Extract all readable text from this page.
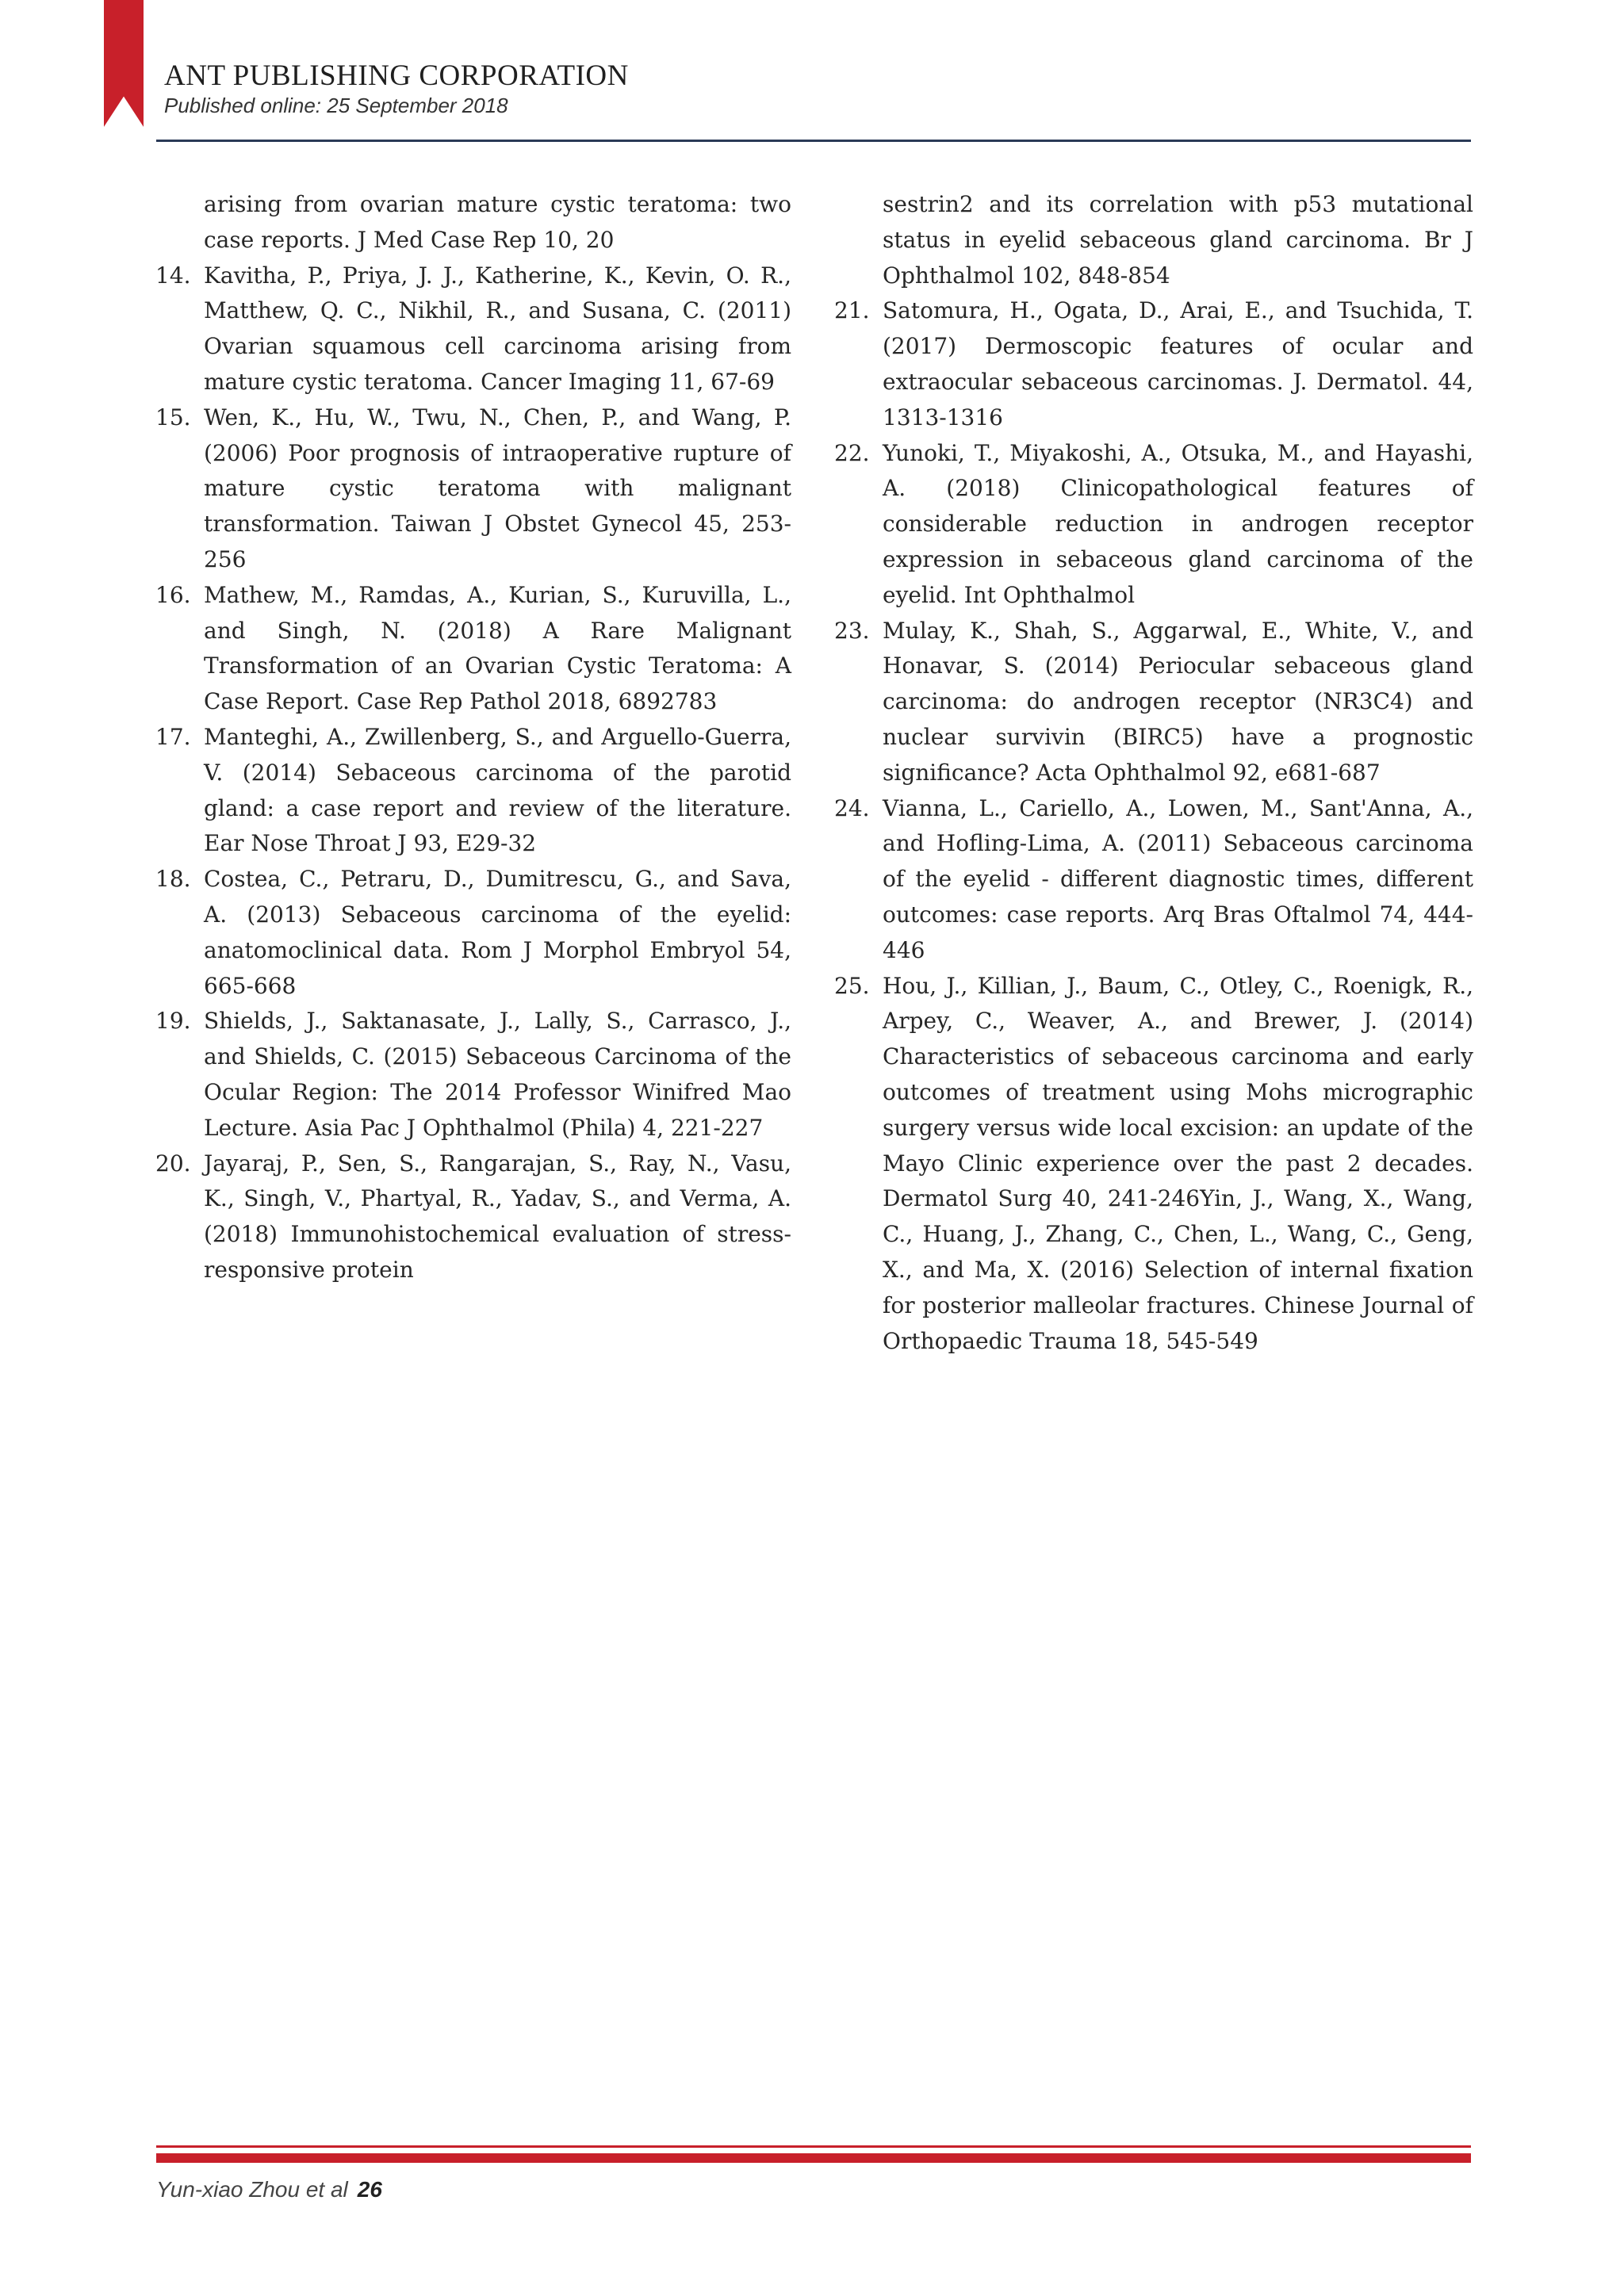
ANT PUBLISHING CORPORATION
Published online: 25 September 2018

arising from ovarian mature cystic teratoma: two case reports. J Med Case Rep 10, 20

14. Kavitha, P., Priya, J. J., Katherine, K., Kevin, O. R., Matthew, Q. C., Nikhil, R., and Susana, C. (2011) Ovarian squamous cell carcinoma arising from mature cystic teratoma. Cancer Imaging 11, 67-69

15. Wen, K., Hu, W., Twu, N., Chen, P., and Wang, P. (2006) Poor prognosis of intraoperative rupture of mature cystic teratoma with malignant transformation. Taiwan J Obstet Gynecol 45, 253-256

16. Mathew, M., Ramdas, A., Kurian, S., Kuruvilla, L., and Singh, N. (2018) A Rare Malignant Transformation of an Ovarian Cystic Teratoma: A Case Report. Case Rep Pathol 2018, 6892783

17. Manteghi, A., Zwillenberg, S., and Arguello-Guerra, V. (2014) Sebaceous carcinoma of the parotid gland: a case report and review of the literature. Ear Nose Throat J 93, E29-32

18. Costea, C., Petraru, D., Dumitrescu, G., and Sava, A. (2013) Sebaceous carcinoma of the eyelid: anatomoclinical data. Rom J Morphol Embryol 54, 665-668

19. Shields, J., Saktanasate, J., Lally, S., Carrasco, J., and Shields, C. (2015) Sebaceous Carcinoma of the Ocular Region: The 2014 Professor Winifred Mao Lecture. Asia Pac J Ophthalmol (Phila) 4, 221-227

20. Jayaraj, P., Sen, S., Rangarajan, S., Ray, N., Vasu, K., Singh, V., Phartyal, R., Yadav, S., and Verma, A. (2018) Immunohistochemical evaluation of stress-responsive protein

sestrin2 and its correlation with p53 mutational status in eyelid sebaceous gland carcinoma. Br J Ophthalmol 102, 848-854

21. Satomura, H., Ogata, D., Arai, E., and Tsuchida, T. (2017) Dermoscopic features of ocular and extraocular sebaceous carcinomas. J. Dermatol. 44, 1313-1316

22. Yunoki, T., Miyakoshi, A., Otsuka, M., and Hayashi, A. (2018) Clinicopathological features of considerable reduction in androgen receptor expression in sebaceous gland carcinoma of the eyelid. Int Ophthalmol

23. Mulay, K., Shah, S., Aggarwal, E., White, V., and Honavar, S. (2014) Periocular sebaceous gland carcinoma: do androgen receptor (NR3C4) and nuclear survivin (BIRC5) have a prognostic significance? Acta Ophthalmol 92, e681-687

24. Vianna, L., Cariello, A., Lowen, M., Sant'Anna, A., and Hofling-Lima, A. (2011) Sebaceous carcinoma of the eyelid - different diagnostic times, different outcomes: case reports. Arq Bras Oftalmol 74, 444-446

25. Hou, J., Killian, J., Baum, C., Otley, C., Roenigk, R., Arpey, C., Weaver, A., and Brewer, J. (2014) Characteristics of sebaceous carcinoma and early outcomes of treatment using Mohs micrographic surgery versus wide local excision: an update of the Mayo Clinic experience over the past 2 decades. Dermatol Surg 40, 241-246Yin, J., Wang, X., Wang, C., Huang, J., Zhang, C., Chen, L., Wang, C., Geng, X., and Ma, X. (2016) Selection of internal fixation for posterior malleolar fractures. Chinese Journal of Orthopaedic Trauma 18, 545-549

Yun-xiao Zhou et al 26
